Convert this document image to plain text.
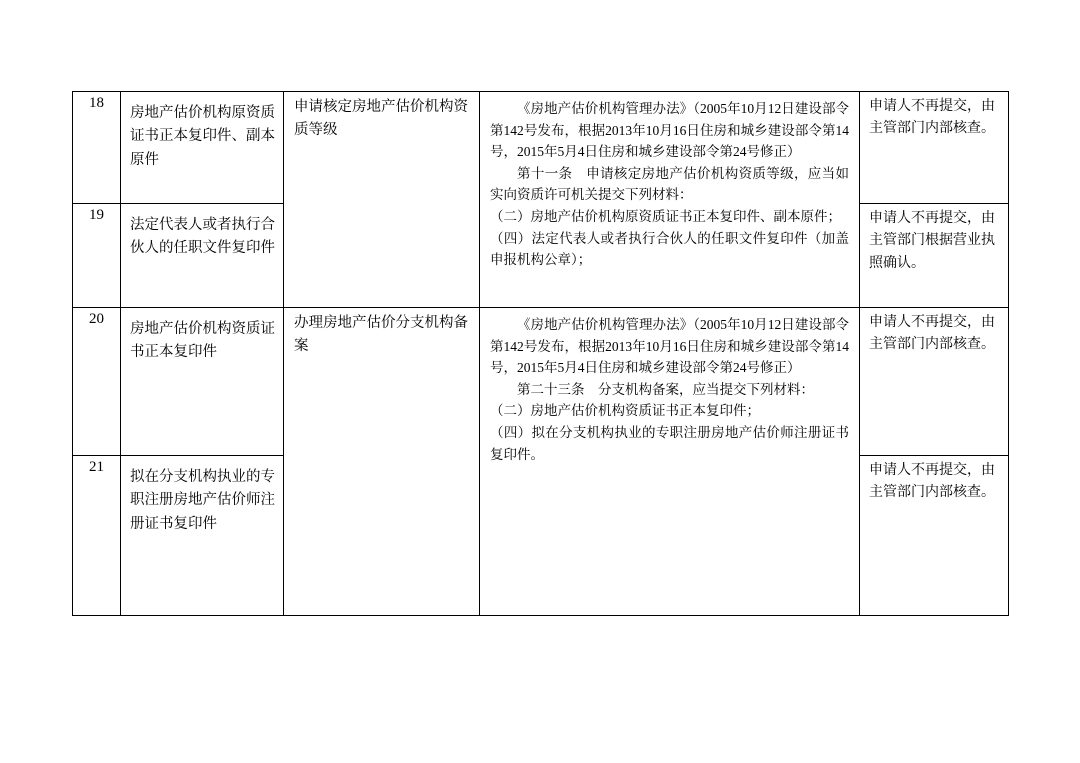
18	房地产估价机构原资质证书正本复印件、副本原件	申请核定房地产估价机构资质等级	《房地产估价机构管理办法》（2005年10月12日建设部令第142号发布，根据2013年10月16日住房和城乡建设部令第14号，2015年5月4日住房和城乡建设部令第24号修正）

第十一条　申请核定房地产估价机构资质等级，应当如实向资质许可机关提交下列材料：

（二）房地产估价机构原资质证书正本复印件、副本原件；

（四）法定代表人或者执行合伙人的任职文件复印件（加盖申报机构公章）；	申请人不再提交，由主管部门内部核查。

19	法定代表人或者执行合伙人的任职文件复印件			申请人不再提交，由主管部门根据营业执照确认。

20	房地产估价机构资质证书正本复印件	办理房地产估价分支机构备案	《房地产估价机构管理办法》（2005年10月12日建设部令第142号发布，根据2013年10月16日住房和城乡建设部令第14号，2015年5月4日住房和城乡建设部令第24号修正）

第二十三条　分支机构备案，应当提交下列材料：

（二）房地产估价机构资质证书正本复印件；

（四）拟在分支机构执业的专职注册房地产估价师注册证书复印件。	申请人不再提交，由主管部门内部核查。

21	拟在分支机构执业的专职注册房地产估价师注册证书复印件			申请人不再提交，由主管部门内部核查。
